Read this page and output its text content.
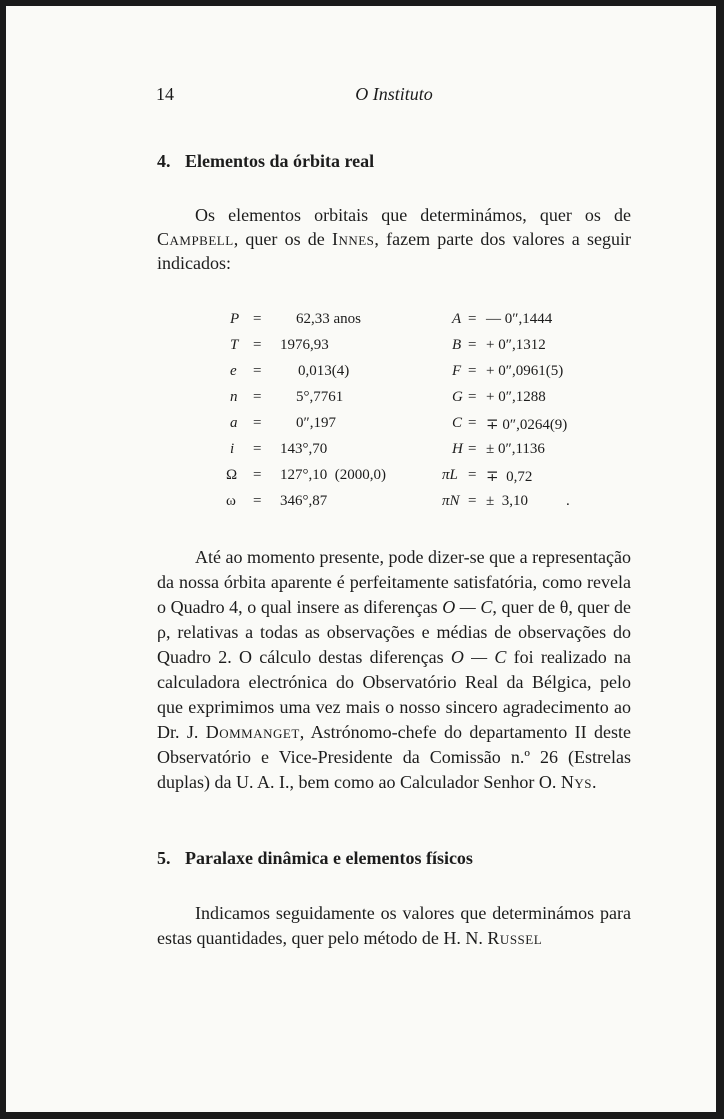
14	O Instituto
4. Elementos da órbita real
Os elementos orbitais que determinámos, quer os de Campbell, quer os de Innes, fazem parte dos valores a seguir indicados:
P = 62,33 anos
T = 1976,93
e = 0,013(4)
n = 5°,7761
a = 0″,197
i = 143°,70
Ω = 127°,10  (2000,0)
ω = 346°,87
A = — 0″,1444
B = + 0″,1312
F = + 0″,0961(5)
G = + 0″,1288
C = ∓ 0″,0264(9)
H = ± 0″,1136
πL = ∓  0,72
πN = ±  3,10	.
Até ao momento presente, pode dizer-se que a representação da nossa órbita aparente é perfeitamente satisfatória, como revela o Quadro 4, o qual insere as diferenças O — C, quer de θ, quer de ρ, relativas a todas as observações e médias de observações do Quadro 2. O cálculo destas diferenças O — C foi realizado na calculadora electrónica do Observatório Real da Bélgica, pelo que exprimimos uma vez mais o nosso sincero agradecimento ao Dr. J. Dommanget, Astrónomo-chefe do departamento II deste Observatório e Vice-Presidente da Comissão n.º 26 (Estrelas duplas) da U. A. I., bem como ao Calculador Senhor O. Nys.
5. Paralaxe dinâmica e elementos físicos
Indicamos seguidamente os valores que determinámos para estas quantidades, quer pelo método de H. N. Russel
